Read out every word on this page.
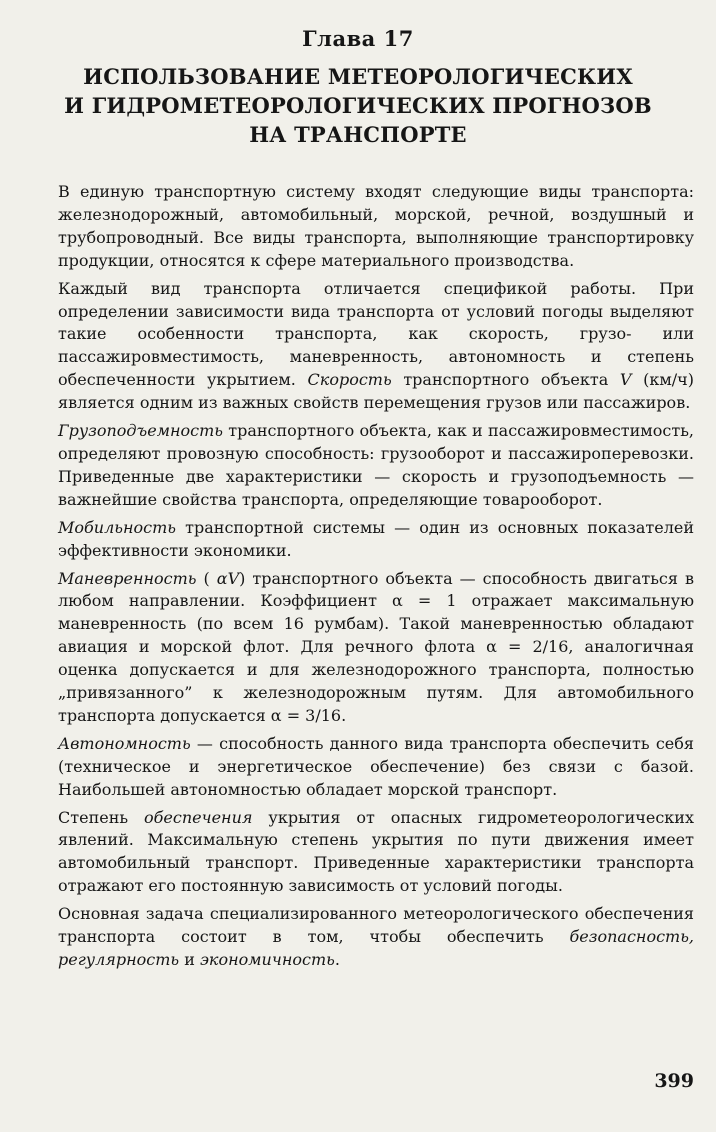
Глава 17
ИСПОЛЬЗОВАНИЕ МЕТЕОРОЛОГИЧЕСКИХ
И ГИДРОМЕТЕОРОЛОГИЧЕСКИХ ПРОГНОЗОВ
НА ТРАНСПОРТЕ

В единую транспортную систему входят следующие виды транспорта: железнодорожный, автомобильный, морской, речной, воздушный и трубопроводный. Все виды транспорта, выполняющие транспортировку продукции, относятся к сфере материального производства.

Каждый вид транспорта отличается спецификой работы. При определении зависимости вида транспорта от условий погоды выделяют такие особенности транспорта, как скорость, грузо- или пассажировместимость, маневренность, автономность и степень обеспеченности укрытием. Скорость транспортного объекта V (км/ч) является одним из важных свойств перемещения грузов или пассажиров.

Грузоподъемность транспортного объекта, как и пассажировместимость, определяют провозную способность: грузооборот и пассажироперевозки. Приведенные две характеристики — скорость и грузоподъемность — важнейшие свойства транспорта, определяющие товарооборот.

Мобильность транспортной системы — один из основных показателей эффективности экономики.

Маневренность ( αV) транспортного объекта — способность двигаться в любом направлении. Коэффициент α = 1 отражает максимальную маневренность (по всем 16 румбам). Такой маневренностью обладают авиация и морской флот. Для речного флота α = 2/16, аналогичная оценка допускается и для железнодорожного транспорта, полностью „привязанного” к железнодорожным путям. Для автомобильного транспорта допускается α = 3/16.

Автономность — способность данного вида транспорта обеспечить себя (техническое и энергетическое обеспечение) без связи с базой. Наибольшей автономностью обладает морской транспорт.

Степень обеспечения укрытия от опасных гидрометеорологических явлений. Максимальную степень укрытия по пути движения имеет автомобильный транспорт. Приведенные характеристики транспорта отражают его постоянную зависимость от условий погоды.

Основная задача специализированного метеорологического обеспечения транспорта состоит в том, чтобы обеспечить безопасность, регулярность и экономичность.

399
